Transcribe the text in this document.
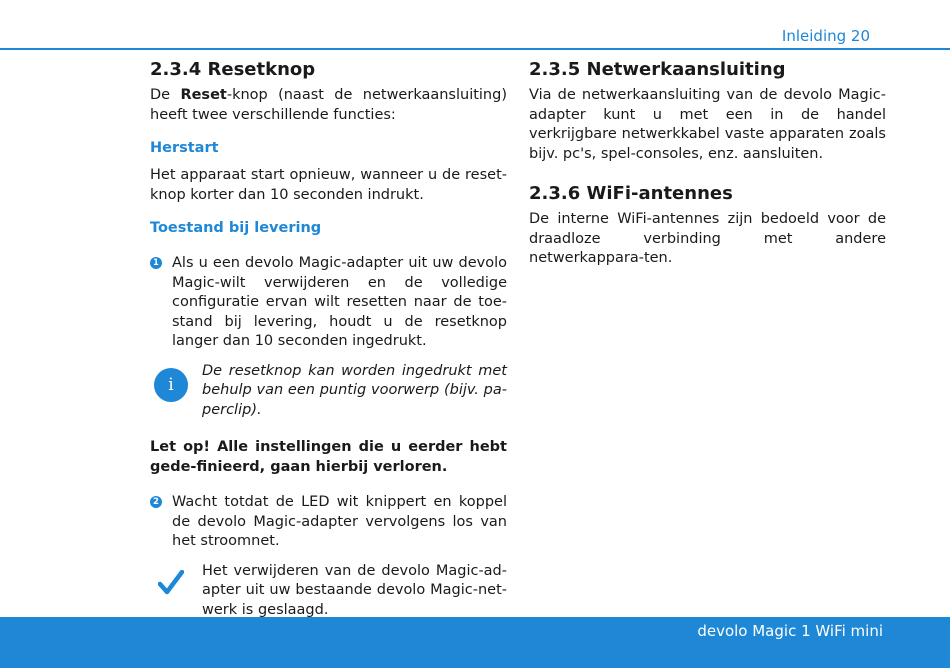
Inleiding 20
2.3.4 Resetknop

De Reset-knop (naast de netwerkaansluiting) heeft twee verschillende functies:

Herstart

Het apparaat start opnieuw, wanneer u de reset-knop korter dan 10 seconden indrukt.

Toestand bij levering
1 Als u een devolo Magic-adapter uit uw devolo Magic-wilt verwijderen en de volledige configuratie ervan wilt resetten naar de toe-stand bij levering, houdt u de resetknop langer dan 10 seconden ingedrukt.

i

De resetknop kan worden ingedrukt met behulp van een puntig voorwerp (bijv. pa-perclip).

Let op! Alle instellingen die u eerder hebt gede-finieerd, gaan hierbij verloren.

2 Wacht totdat de LED wit knippert en koppel de devolo Magic-adapter vervolgens los van het stroomnet.

Het verwijderen van de devolo Magic-ad-apter uit uw bestaande devolo Magic-net-werk is geslaagd.

2.3.5 Netwerkaansluiting

Via de netwerkaansluiting van de devolo Magic-adapter kunt u met een in de handel verkrijgbare netwerkkabel vaste apparaten zoals bijv. pc's, spel-consoles, enz. aansluiten.

2.3.6 WiFi-antennes

De interne WiFi-antennes zijn bedoeld voor de draadloze verbinding met andere netwerkappara-ten.

devolo Magic 1 WiFi mini
